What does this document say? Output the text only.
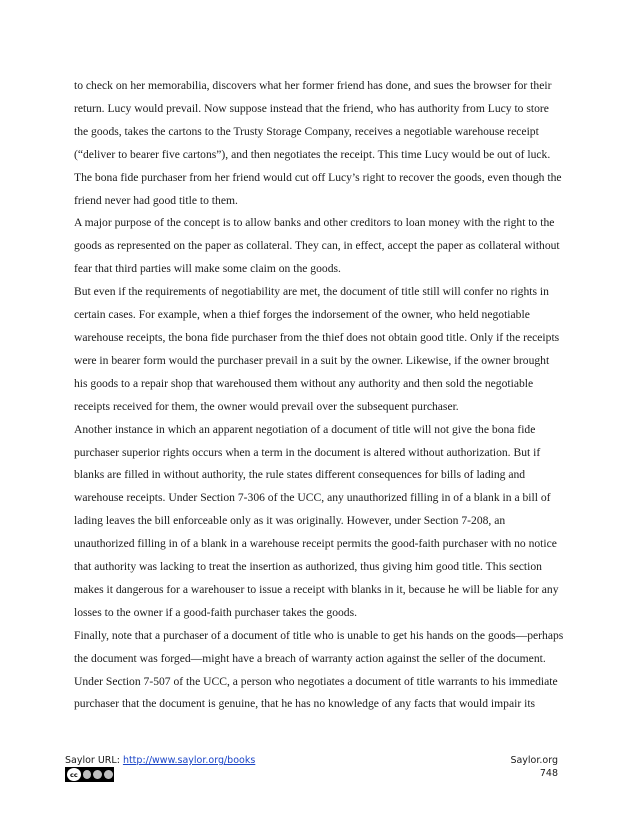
to check on her memorabilia, discovers what her former friend has done, and sues the browser for their return. Lucy would prevail. Now suppose instead that the friend, who has authority from Lucy to store the goods, takes the cartons to the Trusty Storage Company, receives a negotiable warehouse receipt (“deliver to bearer five cartons”), and then negotiates the receipt. This time Lucy would be out of luck. The bona fide purchaser from her friend would cut off Lucy’s right to recover the goods, even though the friend never had good title to them.

A major purpose of the concept is to allow banks and other creditors to loan money with the right to the goods as represented on the paper as collateral. They can, in effect, accept the paper as collateral without fear that third parties will make some claim on the goods.

But even if the requirements of negotiability are met, the document of title still will confer no rights in certain cases. For example, when a thief forges the indorsement of the owner, who held negotiable warehouse receipts, the bona fide purchaser from the thief does not obtain good title. Only if the receipts were in bearer form would the purchaser prevail in a suit by the owner. Likewise, if the owner brought his goods to a repair shop that warehoused them without any authority and then sold the negotiable receipts received for them, the owner would prevail over the subsequent purchaser.

Another instance in which an apparent negotiation of a document of title will not give the bona fide purchaser superior rights occurs when a term in the document is altered without authorization. But if blanks are filled in without authority, the rule states different consequences for bills of lading and warehouse receipts. Under Section 7-306 of the UCC, any unauthorized filling in of a blank in a bill of lading leaves the bill enforceable only as it was originally. However, under Section 7-208, an unauthorized filling in of a blank in a warehouse receipt permits the good-faith purchaser with no notice that authority was lacking to treat the insertion as authorized, thus giving him good title. This section makes it dangerous for a warehouser to issue a receipt with blanks in it, because he will be liable for any losses to the owner if a good-faith purchaser takes the goods.

Finally, note that a purchaser of a document of title who is unable to get his hands on the goods—perhaps the document was forged—might have a breach of warranty action against the seller of the document. Under Section 7-507 of the UCC, a person who negotiates a document of title warrants to his immediate purchaser that the document is genuine, that he has no knowledge of any facts that would impair its

Saylor URL: http://www.saylor.org/books
cc
Saylor.org
748
